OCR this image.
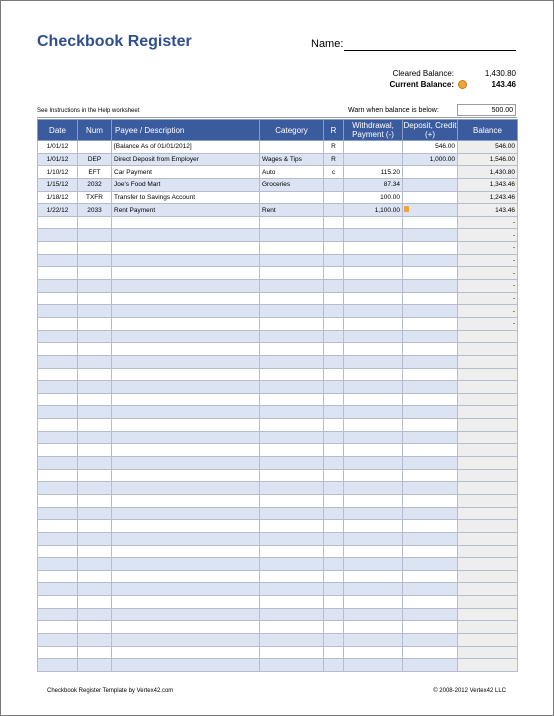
Checkbook Register	Name:
Cleared Balance:	1,430.80
Current Balance:	143.46
See Instructions in the Help worksheet	Warn when balance is below:	500.00
Date	Num	Payee / Description	Category	R	Withdrawal, Payment (-)	Deposit, Credit (+)	Balance
1/01/12		[Balance As of 01/01/2012]		R		546.00	546.00
1/01/12	DEP	Direct Deposit from Employer	Wages & Tips	R		1,000.00	1,546.00
1/10/12	EFT	Car Payment	Auto	c	115.20		1,430.80
1/15/12	2032	Joe's Food Mart	Groceries		87.34		1,343.46
1/18/12	TXFR	Transfer to Savings Account			100.00		1,243.46
1/22/12	2033	Rent Payment	Rent		1,100.00		143.46
							-
							-
							-
							-
							-
							-
							-
							-
							-

Checkbook Register Template by Vertex42.com	© 2008-2012 Vertex42 LLC
